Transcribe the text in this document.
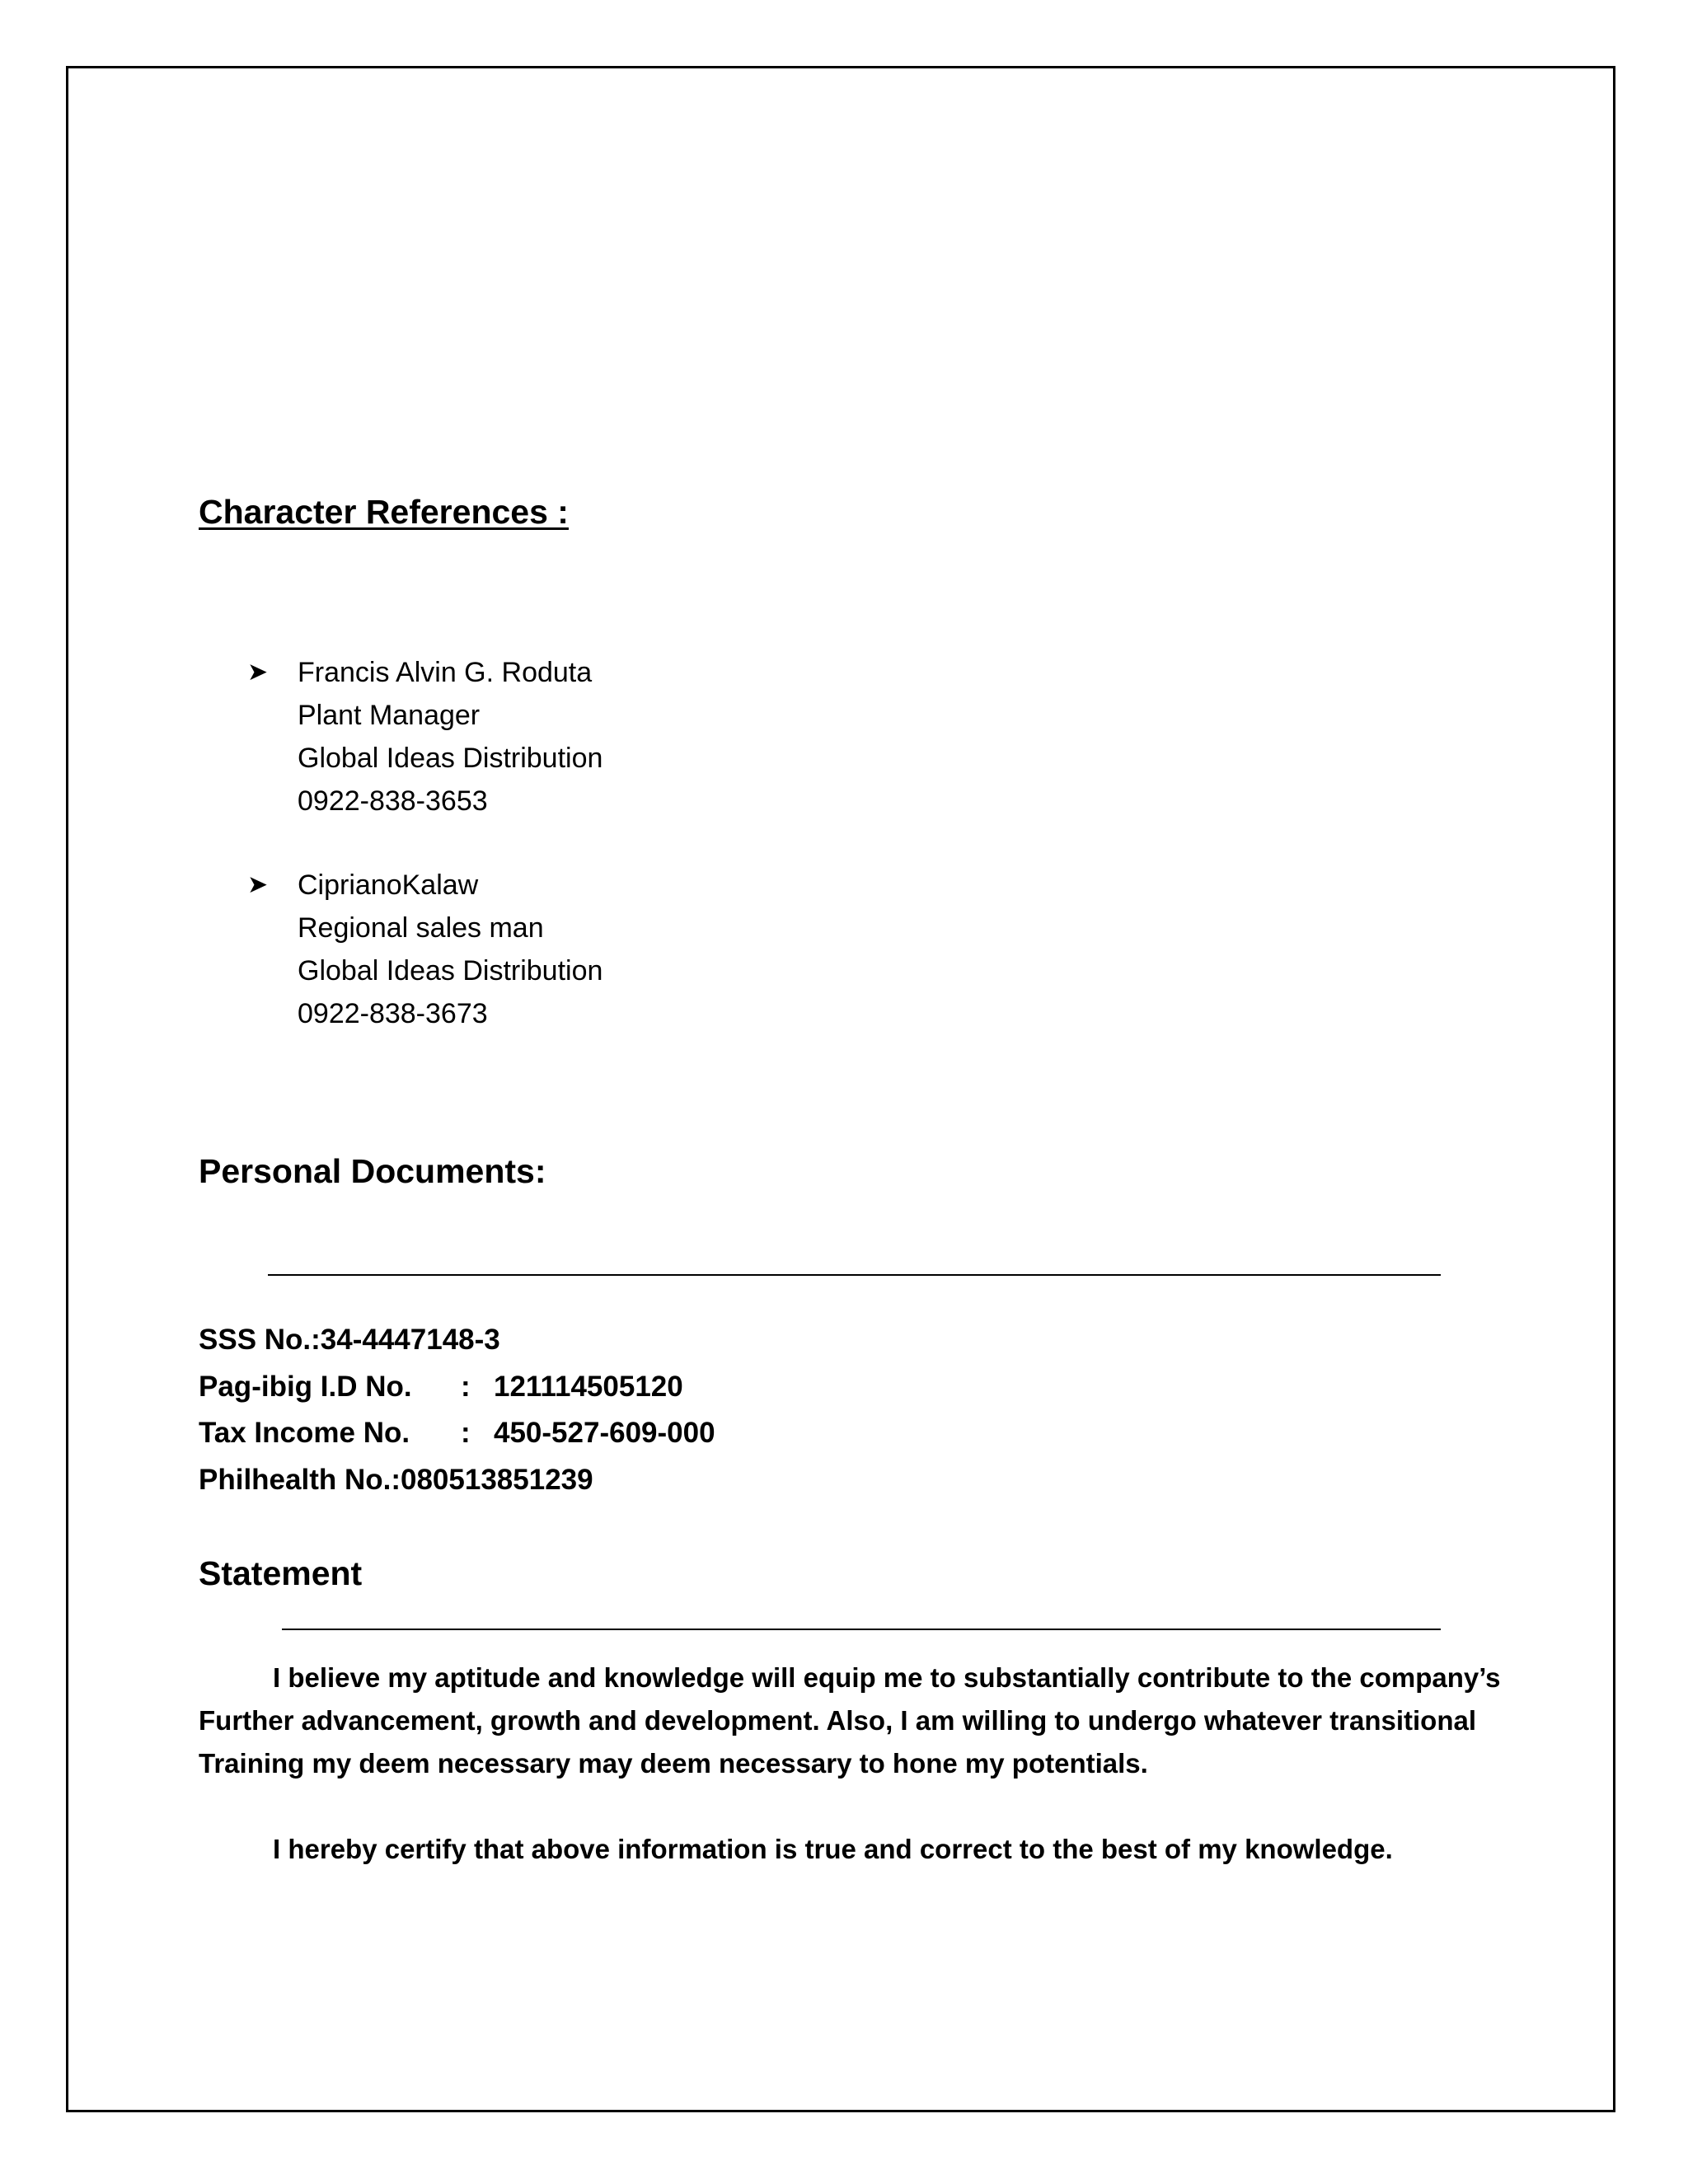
Character References :
➤ Francis Alvin G. Roduta
Plant Manager
Global Ideas Distribution
0922-838-3653
➤ CiprianoKalaw
Regional sales man
Global Ideas Distribution
0922-838-3673
Personal Documents:
SSS No.:34-4447148-3
Pag-ibig I.D No. : 121114505120
Tax Income No. : 450-527-609-000
Philhealth No.:080513851239
Statement
I believe my aptitude and knowledge will equip me to substantially contribute to the company’s
Further advancement, growth and development. Also, I am willing to undergo whatever transitional
Training my deem necessary may deem necessary to hone my potentials.
I hereby certify that above information is true and correct to the best of my knowledge.
